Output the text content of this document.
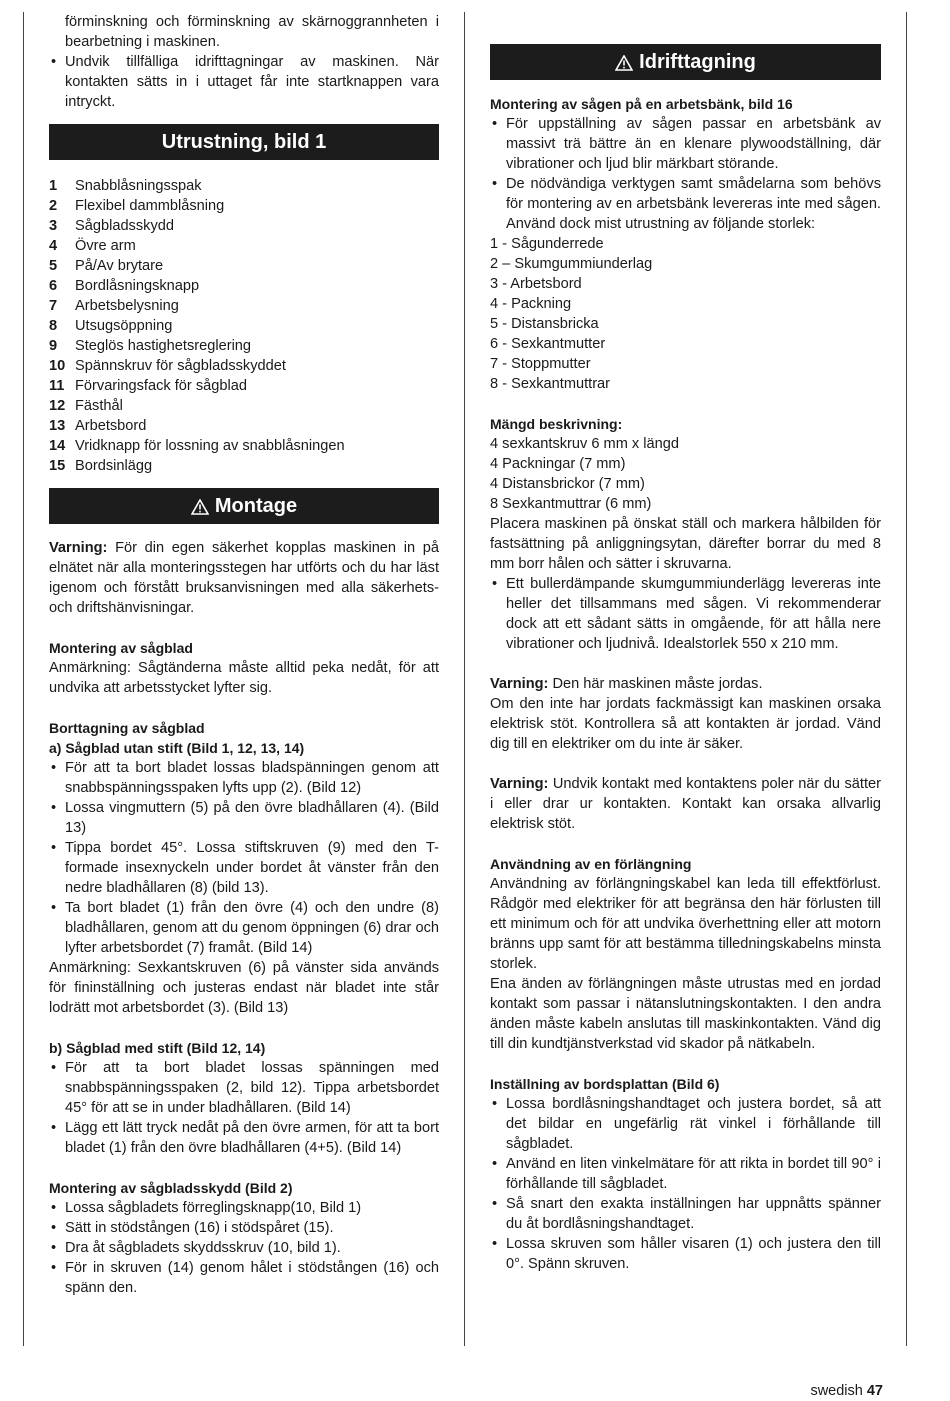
förminskning och förminskning av skärnoggrannheten i bearbetning i maskinen.

• Undvik tillfälliga idrifttagningar av maskinen. När kontakten sätts in i uttaget får inte startknappen vara intryckt.
Utrustning, bild 1
1	Snabblåsningsspak
2	Flexibel dammblåsning
3	Sågbladsskydd
4	Övre arm
5	På/Av brytare
6	Bordlåsningsknapp
7	Arbetsbelysning
8	Utsugsöppning
9	Steglös hastighetsreglering
10 Spännskruv för sågbladsskyddet
11 Förvaringsfack för sågblad
12 Fästhål
13 Arbetsbord
14 Vridknapp för lossning av snabblåsningen
15 Bordsinlägg
Montage

Varning: För din egen säkerhet kopplas maskinen in på elnätet när alla monteringsstegen har utförts och du har läst igenom och förstått bruksanvisningen med alla säkerhets- och driftshänvisningar.

Montering av sågblad

Anmärkning: Sågtänderna måste alltid peka nedåt, för att undvika att arbetsstycket lyfter sig.

Borttagning av sågblad
a) Sågblad utan stift (Bild 1, 12, 13, 14)
• För att ta bort bladet lossas bladspänningen genom att snabbspänningsspaken lyfts upp (2). (Bild 12)
• Lossa vingmuttern (5) på den övre bladhållaren (4). (Bild 13)
• Tippa bordet 45°. Lossa stiftskruven (9) med den T-formade insexnyckeln under bordet åt vänster från den nedre bladhållaren (8) (bild 13).
• Ta bort bladet (1) från den övre (4) och den undre (8) bladhållaren, genom att du genom öppningen (6) drar och lyfter arbetsbordet (7) framåt. (Bild 14)

Anmärkning: Sexkantskruven (6) på vänster sida används för fininställning och justeras endast när bladet inte står lodrätt mot arbetsbordet (3). (Bild 13)

b) Sågblad med stift (Bild 12, 14)
• För att ta bort bladet lossas spänningen med snabbspänningsspaken (2, bild 12). Tippa arbetsbordet 45° för att se in under bladhållaren. (Bild 14)
• Lägg ett lätt tryck nedåt på den övre armen, för att ta bort bladet (1) från den övre bladhållaren (4+5). (Bild 14)
Montering av sågbladsskydd (Bild 2)
• Lossa sågbladets förreglingsknapp(10, Bild 1)
• Sätt in stödstången (16) i stödspåret (15).
• Dra åt sågbladets skyddsskruv (10, bild 1).
• För in skruven (14) genom hålet i stödstången (16) och spänn den.
Idrifttagning
Montering av sågen på en arbetsbänk, bild 16
• För uppställning av sågen passar en arbetsbänk av massivt trä bättre än en klenare plywoodställning, där vibrationer och ljud blir märkbart störande.
• De nödvändiga verktygen samt smådelarna som behövs för montering av en arbetsbänk levereras inte med sågen. Använd dock mist utrustning av följande storlek:
1 - Sågunderrede
2 – Skumgummiunderlag
3 - Arbetsbord
4 - Packning
5 - Distansbricka
6 - Sexkantmutter
7 - Stoppmutter
8 - Sexkantmuttrar
Mängd beskrivning:
4 sexkantskruv 6 mm x längd
4 Packningar (7 mm)
4 Distansbrickor (7 mm)
8 Sexkantmuttrar (6 mm)

Placera maskinen på önskat ställ och markera hålbilden för fastsättning på anliggningsytan, därefter borrar du med 8 mm borr hålen och sätter i skruvarna.

• Ett bullerdämpande skumgummiunderlägg levereras inte heller det tillsammans med sågen. Vi rekommenderar dock att ett sådant sätts in omgående, för att hålla nere vibrationer och ljudnivå. Idealstorlek 550 x 210 mm.

Varning: Den här maskinen måste jordas.

Om den inte har jordats fackmässigt kan maskinen orsaka elektrisk stöt. Kontrollera så att kontakten är jordad. Vänd dig till en elektriker om du inte är säker.

Varning: Undvik kontakt med kontaktens poler när du sätter i eller drar ur kontakten. Kontakt kan orsaka allvarlig elektrisk stöt.

Användning av en förlängning

Användning av förlängningskabel kan leda till effektförlust. Rådgör med elektriker för att begränsa den här förlusten till ett minimum och för att undvika överhettning eller att motorn bränns upp samt för att bestämma tilledningskabelns minsta storlek.

Ena änden av förlängningen måste utrustas med en jordad kontakt som passar i nätanslutningskontakten. I den andra änden måste kabeln anslutas till maskinkontakten. Vänd dig till din kundtjänstverkstad vid skador på nätkabeln.

Inställning av bordsplattan (Bild 6)
• Lossa bordlåsningshandtaget och justera bordet, så att det bildar en ungefärlig rät vinkel i förhållande till sågbladet.
• Använd en liten vinkelmätare för att rikta in bordet till 90° i förhållande till sågbladet.
• Så snart den exakta inställningen har uppnåtts spänner du åt bordlåsningshandtaget.
• Lossa skruven som håller visaren (1) och justera den till 0°. Spänn skruven.
swedish 47
